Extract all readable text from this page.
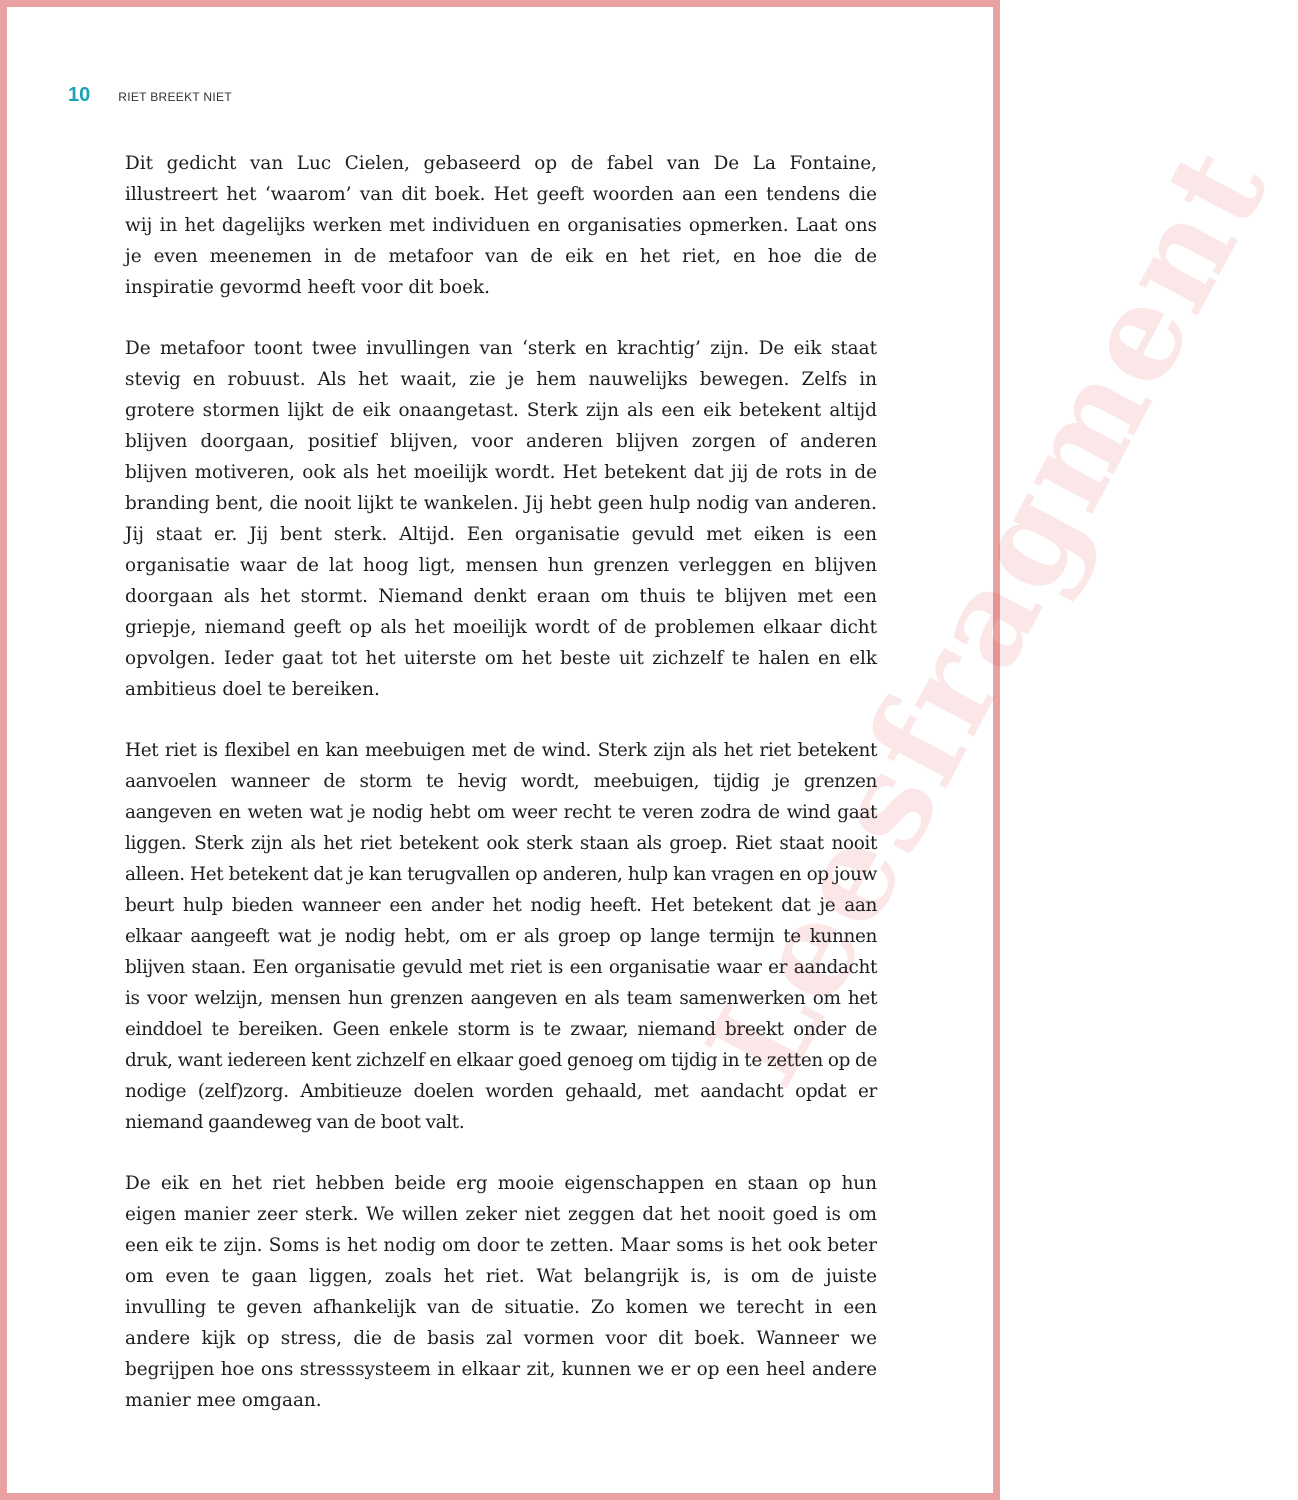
Leesfragment
10 RIET BREEKT NIET

Dit gedicht van Luc Cielen, gebaseerd op de fabel van De La Fontaine, illustreert het ‘waarom’ van dit boek. Het geeft woorden aan een tendens die wij in het dagelijks werken met individuen en organisaties opmerken. Laat ons je even meenemen in de metafoor van de eik en het riet, en hoe die de inspiratie gevormd heeft voor dit boek.

De metafoor toont twee invullingen van ‘sterk en krachtig’ zijn. De eik staat stevig en robuust. Als het waait, zie je hem nauwelijks bewegen. Zelfs in grotere stormen lijkt de eik onaangetast. Sterk zijn als een eik betekent altijd blijven doorgaan, positief blijven, voor anderen blijven zorgen of anderen blijven motiveren, ook als het moeilijk wordt. Het betekent dat jij de rots in de branding bent, die nooit lijkt te wankelen. Jij hebt geen hulp nodig van anderen. Jij staat er. Jij bent sterk. Altijd. Een organisatie gevuld met eiken is een organisatie waar de lat hoog ligt, mensen hun grenzen verleggen en blijven doorgaan als het stormt. Niemand denkt eraan om thuis te blijven met een griepje, niemand geeft op als het moeilijk wordt of de problemen elkaar dicht opvolgen. Ieder gaat tot het uiterste om het beste uit zichzelf te halen en elk ambitieus doel te bereiken.

Het riet is flexibel en kan meebuigen met de wind. Sterk zijn als het riet betekent aanvoelen wanneer de storm te hevig wordt, meebuigen, tijdig je grenzen aangeven en weten wat je nodig hebt om weer recht te veren zodra de wind gaat liggen. Sterk zijn als het riet betekent ook sterk staan als groep. Riet staat nooit alleen. Het betekent dat je kan terugvallen op anderen, hulp kan vragen en op jouw beurt hulp bieden wanneer een ander het nodig heeft. Het betekent dat je aan elkaar aangeeft wat je nodig hebt, om er als groep op lange termijn te kunnen blijven staan. Een organisatie gevuld met riet is een organisatie waar er aandacht is voor welzijn, mensen hun grenzen aangeven en als team samenwerken om het einddoel te bereiken. Geen enkele storm is te zwaar, niemand breekt onder de druk, want iedereen kent zichzelf en elkaar goed genoeg om tijdig in te zetten op de nodige (zelf)zorg. Ambitieuze doelen worden gehaald, met aandacht opdat er niemand gaandeweg van de boot valt.

De eik en het riet hebben beide erg mooie eigenschappen en staan op hun eigen manier zeer sterk. We willen zeker niet zeggen dat het nooit goed is om een eik te zijn. Soms is het nodig om door te zetten. Maar soms is het ook beter om even te gaan liggen, zoals het riet. Wat belangrijk is, is om de juiste invulling te geven afhankelijk van de situatie. Zo komen we terecht in een andere kijk op stress, die de basis zal vormen voor dit boek. Wanneer we begrijpen hoe ons stresssysteem in elkaar zit, kunnen we er op een heel andere manier mee omgaan.
